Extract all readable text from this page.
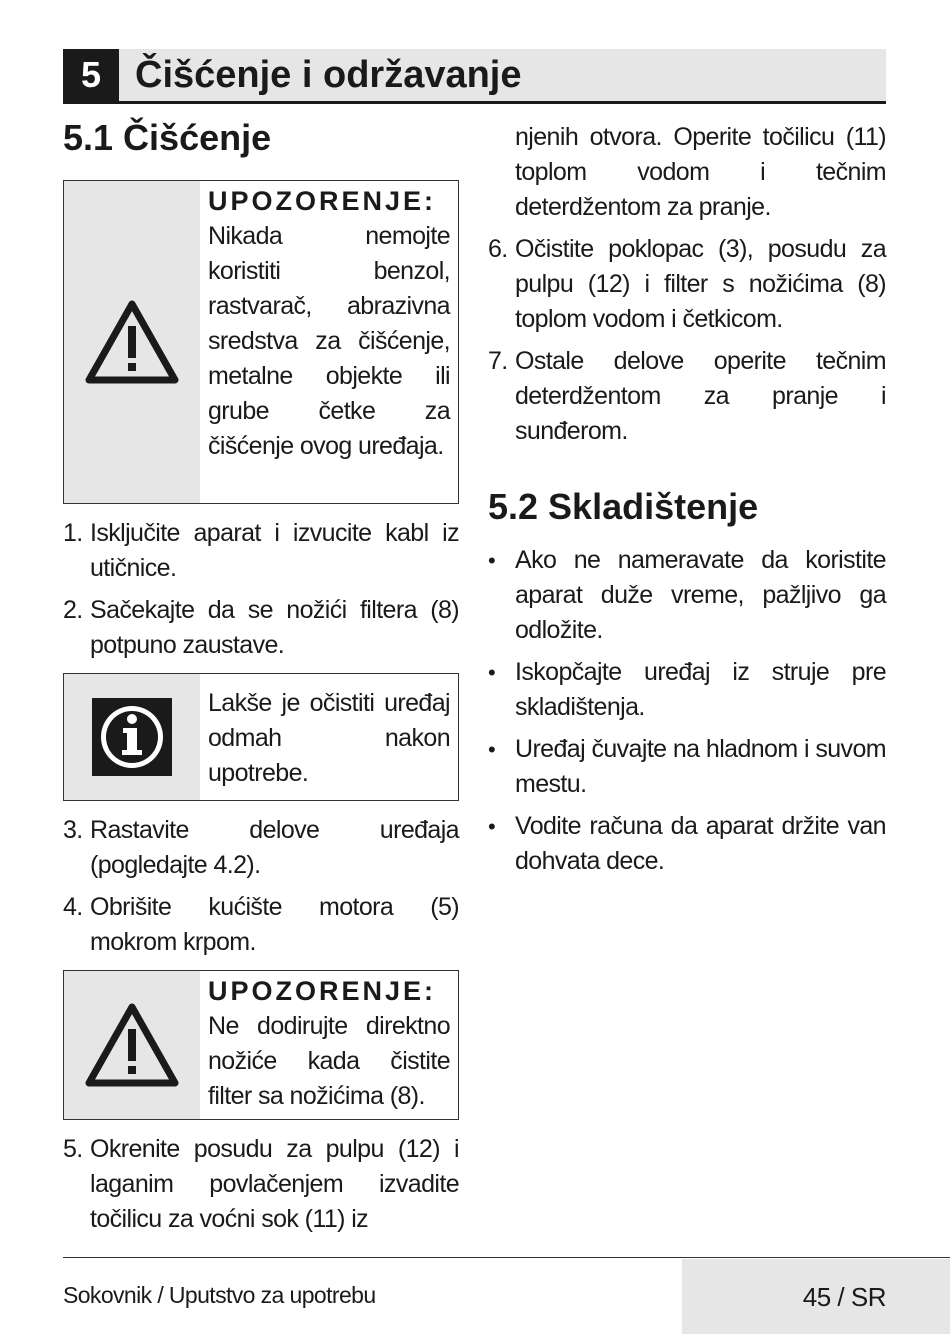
5 Čišćenje i održavanje
5.1 Čišćenje
UPOZORENJE:
Nikada nemojte koristiti benzol, rastvarač, abrazivna sredstva za čišćenje, metalne objekte ili grube četke za čišćenje ovog uređaja.
1. Isključite aparat i izvucite kabl iz utičnice.
2. Sačekajte da se nožići filtera (8) potpuno zaustave.
Lakše je očistiti uređaj odmah nakon upotrebe.
3. Rastavite delove uređaja (pogledajte 4.2).
4. Obrišite kućište motora (5) mokrom krpom.
UPOZORENJE:
Ne dodirujte direktno nožiće kada čistite filter sa nožićima (8).
5. Okrenite posudu za pulpu (12) i laganim povlačenjem izvadite točilicu za voćni sok (11) iz
njenih otvora. Operite točilicu (11) toplom vodom i tečnim deterdžentom za pranje.
6. Očistite poklopac (3), posudu za pulpu (12) i filter s nožićima (8) toplom vodom i četkicom.
7. Ostale delove operite tečnim deterdžentom za pranje i sunđerom.
5.2 Skladištenje
• Ako ne nameravate da koristite aparat duže vreme, pažljivo ga odložite.
• Iskopčajte uređaj iz struje pre skladištenja.
• Uređaj čuvajte na hladnom i suvom mestu.
• Vodite računa da aparat držite van dohvata dece.
Sokovnik / Uputstvo za upotrebu	45 / SR
